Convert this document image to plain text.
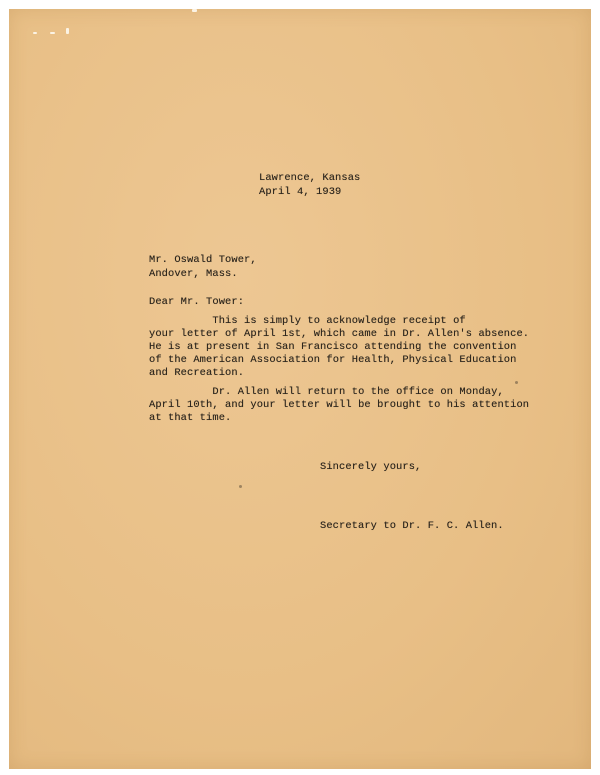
Lawrence, Kansas
April 4, 1939
Mr. Oswald Tower,
Andover, Mass.
Dear Mr. Tower:
This is simply to acknowledge receipt of
your letter of April 1st, which came in Dr. Allen's absence.
He is at present in San Francisco attending the convention
of the American Association for Health, Physical Education
and Recreation.
Dr. Allen will return to the office on Monday,
April 10th, and your letter will be brought to his attention
at that time.
Sincerely yours,
Secretary to Dr. F. C. Allen.
